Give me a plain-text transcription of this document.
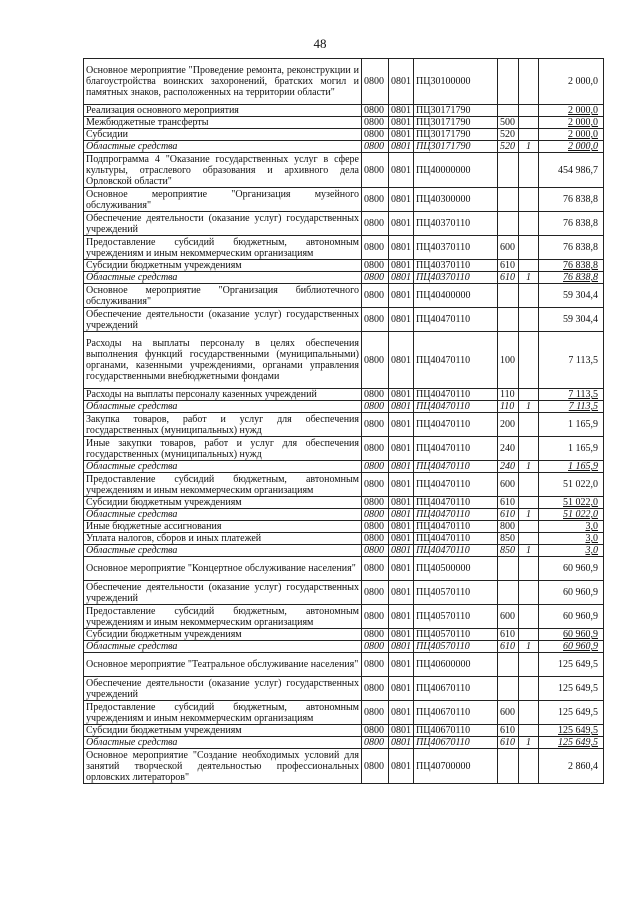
48
Основное мероприятие "Проведение ремонта, реконструкции и благоустройства воинских захоронений, братских могил и памятных знаков, расположенных на территории области"	0800	0801	ПЦ30100000			2 000,0
Реализация основного мероприятия	0800	0801	ПЦ30171790			2 000,0
Межбюджетные трансферты	0800	0801	ПЦ30171790	500		2 000,0
Субсидии	0800	0801	ПЦ30171790	520		2 000,0
Областные средства	0800	0801	ПЦ30171790	520	1	2 000,0
Подпрограмма 4 "Оказание государственных услуг в сфере культуры, отраслевого образования и архивного дела Орловской области"	0800	0801	ПЦ40000000			454 986,7
Основное мероприятие "Организация музейного обслуживания"	0800	0801	ПЦ40300000			76 838,8
Обеспечение деятельности (оказание услуг) государственных учреждений	0800	0801	ПЦ40370110			76 838,8
Предоставление субсидий бюджетным, автономным учреждениям и иным некоммерческим организациям	0800	0801	ПЦ40370110	600		76 838,8
Субсидии бюджетным учреждениям	0800	0801	ПЦ40370110	610		76 838,8
Областные средства	0800	0801	ПЦ40370110	610	1	76 838,8
Основное мероприятие "Организация библиотечного обслуживания"	0800	0801	ПЦ40400000			59 304,4
Обеспечение деятельности (оказание услуг) государственных учреждений	0800	0801	ПЦ40470110			59 304,4
Расходы на выплаты персоналу в целях обеспечения выполнения функций государственными (муниципальными) органами, казенными учреждениями, органами управления государственными внебюджетными фондами	0800	0801	ПЦ40470110	100		7 113,5
Расходы на выплаты персоналу казенных учреждений	0800	0801	ПЦ40470110	110		7 113,5
Областные средства	0800	0801	ПЦ40470110	110	1	7 113,5
Закупка товаров, работ и услуг для обеспечения государственных (муниципальных) нужд	0800	0801	ПЦ40470110	200		1 165,9
Иные закупки товаров, работ и услуг для обеспечения государственных (муниципальных) нужд	0800	0801	ПЦ40470110	240		1 165,9
Областные средства	0800	0801	ПЦ40470110	240	1	1 165,9
Предоставление субсидий бюджетным, автономным учреждениям и иным некоммерческим организациям	0800	0801	ПЦ40470110	600		51 022,0
Субсидии бюджетным учреждениям	0800	0801	ПЦ40470110	610		51 022,0
Областные средства	0800	0801	ПЦ40470110	610	1	51 022,0
Иные бюджетные ассигнования	0800	0801	ПЦ40470110	800		3,0
Уплата налогов, сборов и иных платежей	0800	0801	ПЦ40470110	850		3,0
Областные средства	0800	0801	ПЦ40470110	850	1	3,0
Основное мероприятие "Концертное обслуживание населения"	0800	0801	ПЦ40500000			60 960,9
Обеспечение деятельности (оказание услуг) государственных учреждений	0800	0801	ПЦ40570110			60 960,9
Предоставление субсидий бюджетным, автономным учреждениям и иным некоммерческим организациям	0800	0801	ПЦ40570110	600		60 960,9
Субсидии бюджетным учреждениям	0800	0801	ПЦ40570110	610		60 960,9
Областные средства	0800	0801	ПЦ40570110	610	1	60 960,9
Основное мероприятие "Театральное обслуживание населения"	0800	0801	ПЦ40600000			125 649,5
Обеспечение деятельности (оказание услуг) государственных учреждений	0800	0801	ПЦ40670110			125 649,5
Предоставление субсидий бюджетным, автономным учреждениям и иным некоммерческим организациям	0800	0801	ПЦ40670110	600		125 649,5
Субсидии бюджетным учреждениям	0800	0801	ПЦ40670110	610		125 649,5
Областные средства	0800	0801	ПЦ40670110	610	1	125 649,5
Основное мероприятие "Создание необходимых условий для занятий творческой деятельностью профессиональных орловских литераторов"	0800	0801	ПЦ40700000			2 860,4
